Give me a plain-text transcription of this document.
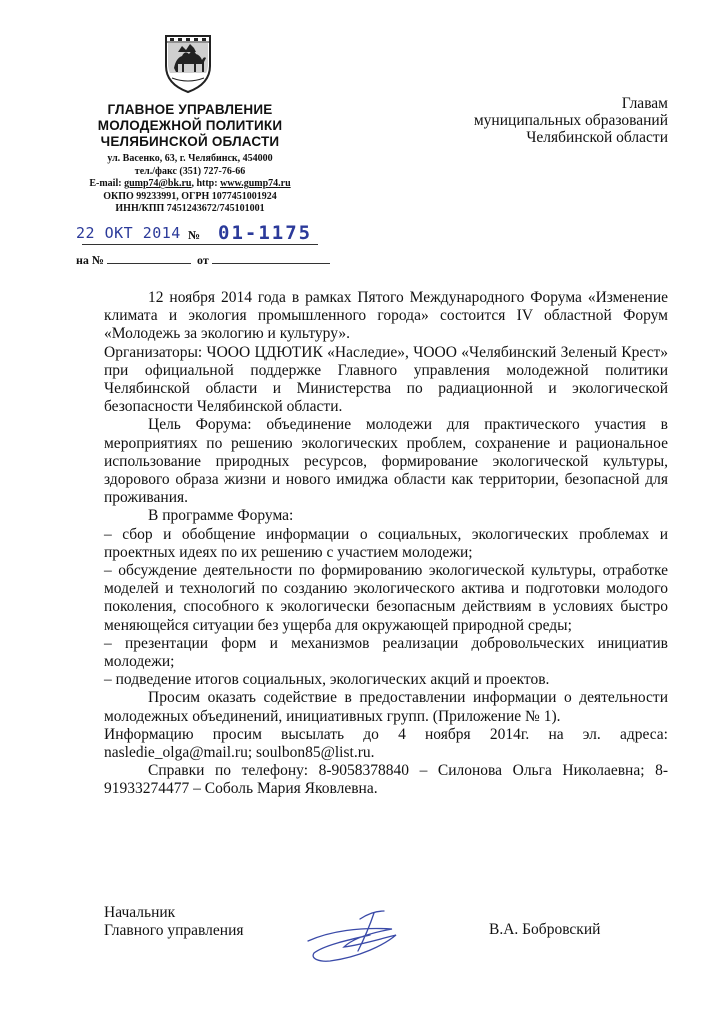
ГЛАВНОЕ УПРАВЛЕНИЕ
МОЛОДЕЖНОЙ ПОЛИТИКИ
ЧЕЛЯБИНСКОЙ ОБЛАСТИ
ул. Васенко, 63, г. Челябинск, 454000
тел./факс (351) 727-76-66
E-mail: gump74@bk.ru, http: www.gump74.ru
ОКПО 99233991, ОГРН 1077451001924
ИНН/КПП 7451243672/745101001
22 ОКТ 2014 № 01-1175
на №	от
Главам
муниципальных образований
Челябинской области

12 ноября 2014 года в рамках Пятого Международного Форума «Изменение климата и экология промышленного города» состоится IV областной Форум «Молодежь за экологию и культуру».

Организаторы: ЧООО ЦДЮТИК «Наследие», ЧООО «Челябинский Зеленый Крест» при официальной поддержке Главного управления молодежной политики Челябинской области и Министерства по радиационной и экологической безопасности Челябинской области.

Цель Форума: объединение молодежи для практического участия в мероприятиях по решению экологических проблем, сохранение и рациональное использование природных ресурсов, формирование экологической культуры, здорового образа жизни и нового имиджа области как территории, безопасной для проживания.

В программе Форума:

– сбор и обобщение информации о социальных, экологических проблемах и проектных идеях по их решению с участием молодежи;

– обсуждение деятельности по формированию экологической культуры, отработке моделей и технологий по созданию экологического актива и подготовки молодого поколения, способного к экологически безопасным действиям в условиях быстро меняющейся ситуации без ущерба для окружающей природной среды;

– презентации форм и механизмов реализации добровольческих инициатив молодежи;

– подведение итогов социальных, экологических акций и проектов.

Просим оказать содействие в предоставлении информации о деятельности молодежных объединений, инициативных групп. (Приложение № 1).

Информацию просим высылать до 4 ноября 2014г. на эл. адреса: nasledie_olga@mail.ru; soulbon85@list.ru.

Справки по телефону: 8-9058378840 – Силонова Ольга Николаевна; 8-91933274477 – Соболь Мария Яковлевна.

Начальник
Главного управления	В.А. Бобровский
